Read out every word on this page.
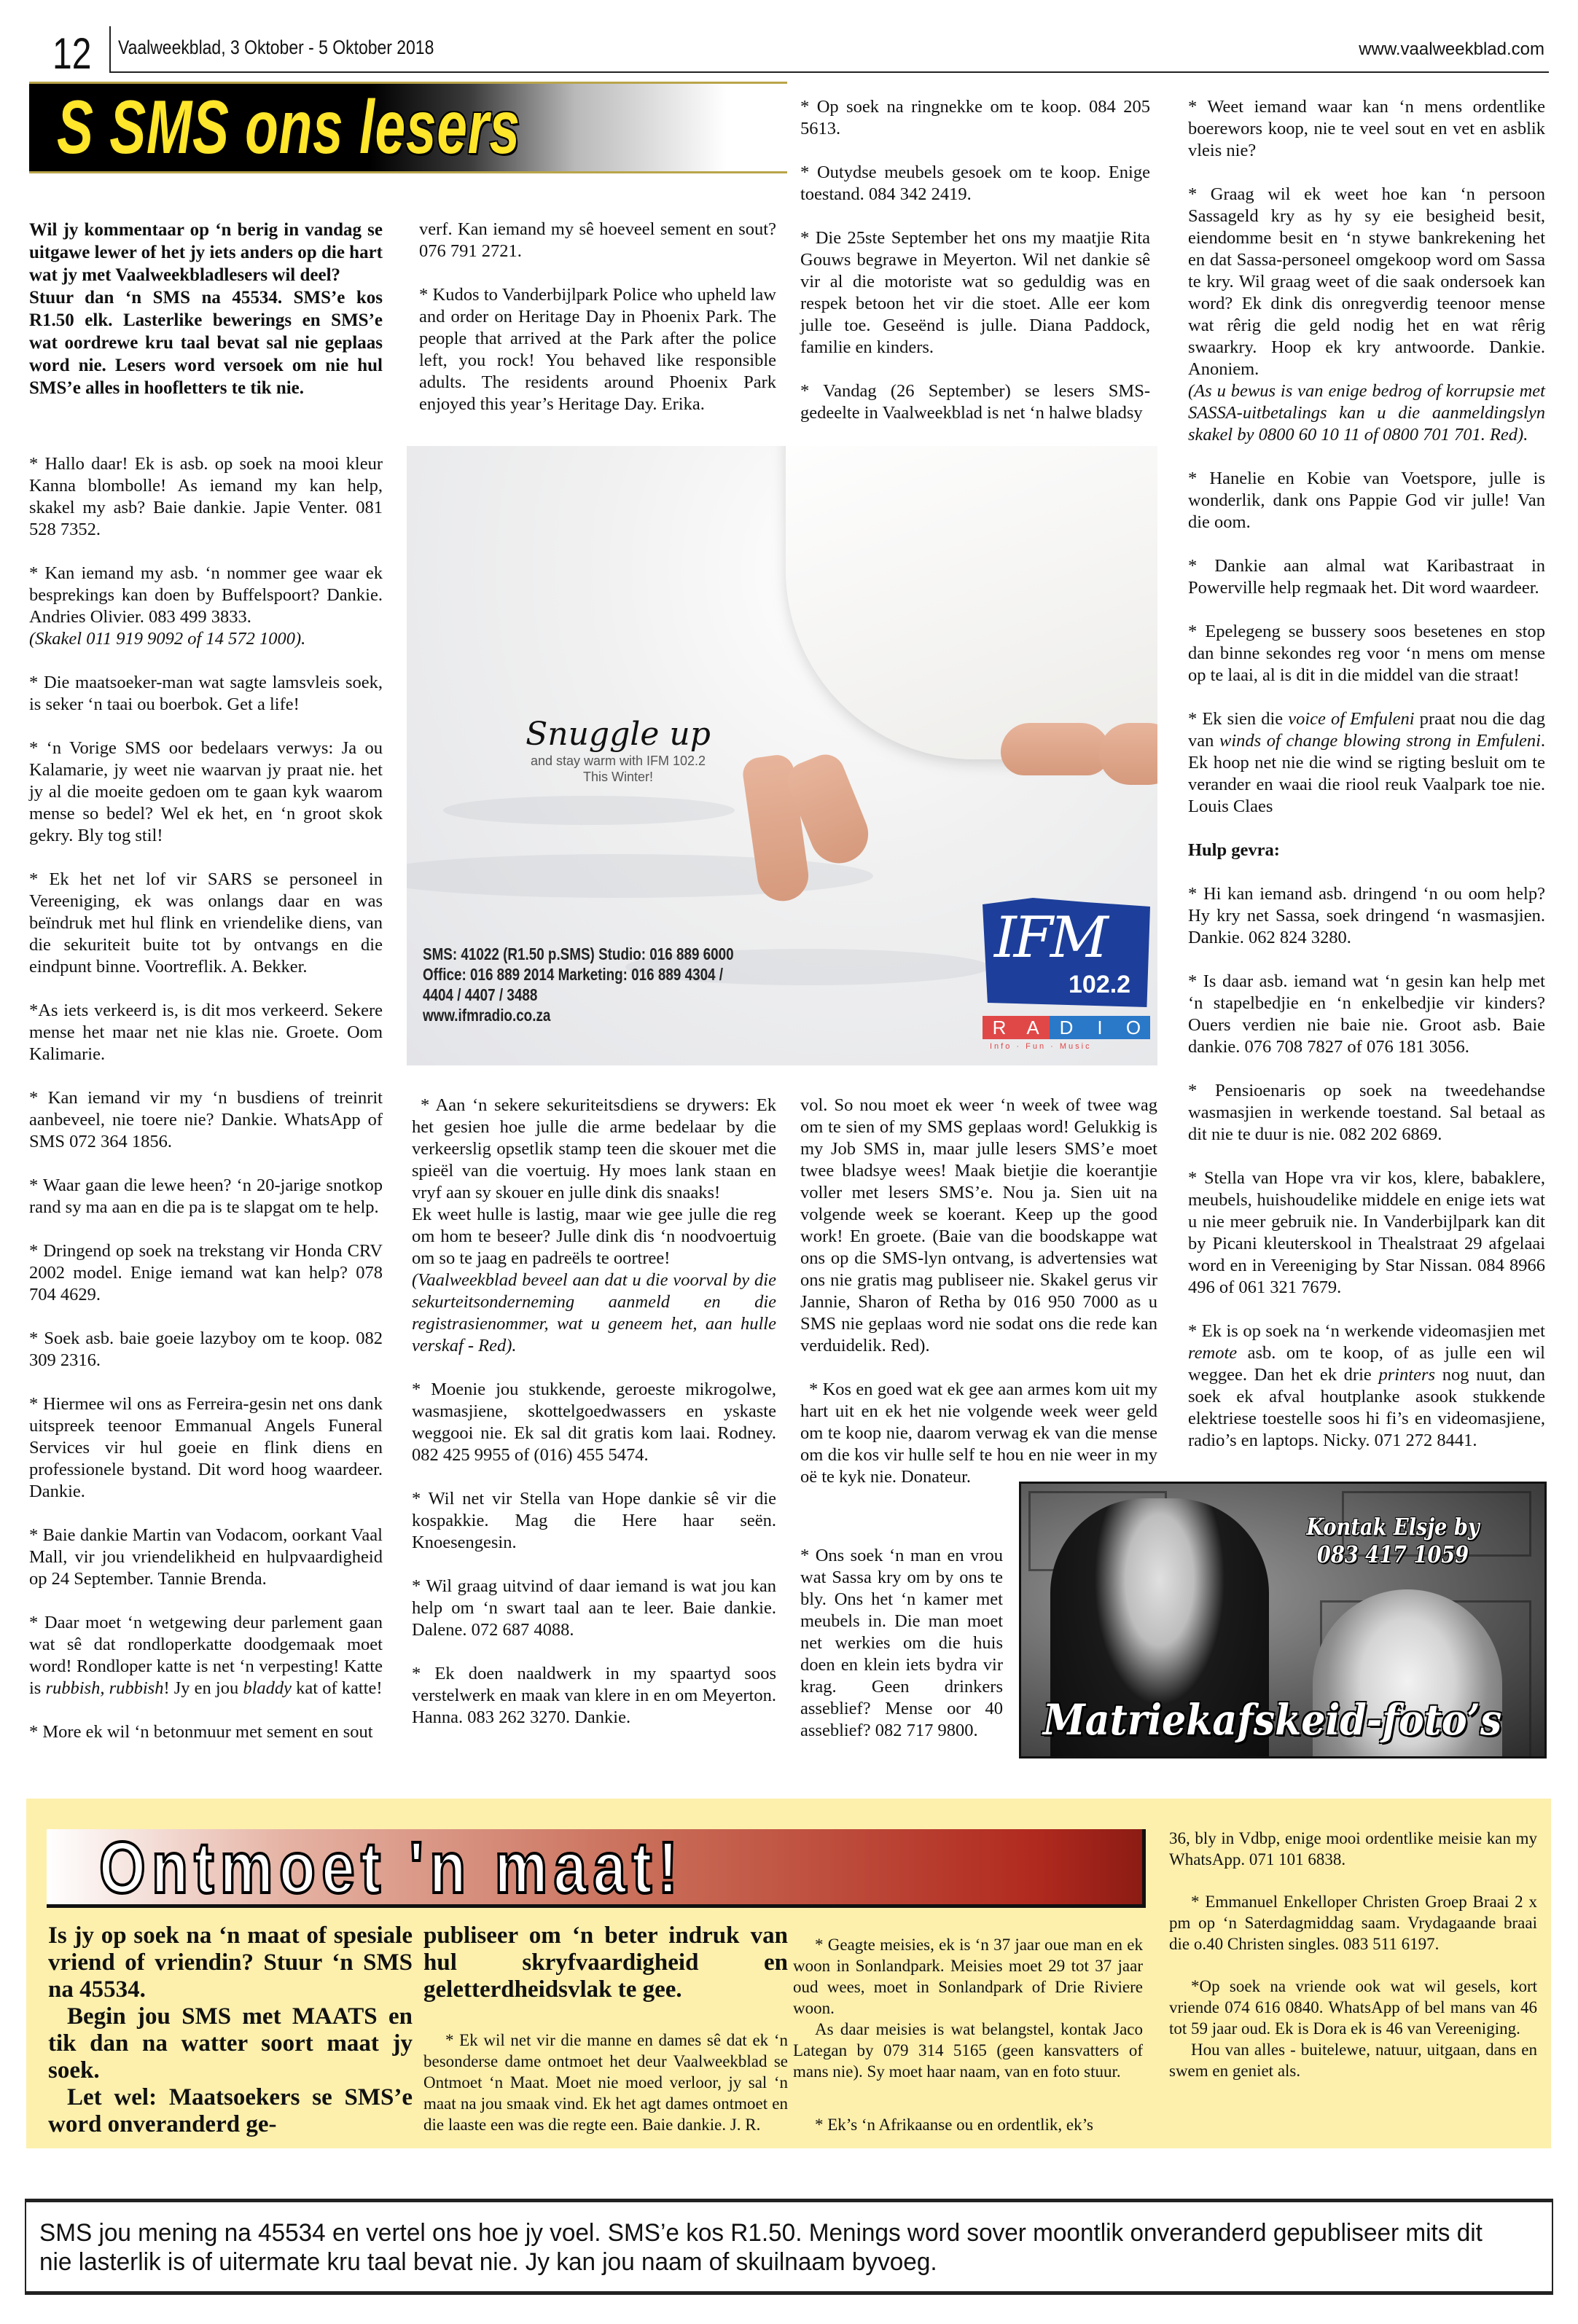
12 Vaalweekblad, 3 Oktober - 5 Oktober 2018	www.vaalweekblad.com
S SMS ons lesers

Wil jy kommentaar op ‘n berig in vandag se uitgawe lewer of het jy iets anders op die hart wat jy met Vaalweekbladlesers wil deel?

Stuur dan ‘n SMS na 45534. SMS’e kos R1.50 elk. Lasterlike bewerings en SMS’e wat oordrewe kru taal bevat sal nie geplaas word nie. Lesers word versoek om nie hul SMS’e alles in hoofletters te tik nie.

* Hallo daar! Ek is asb. op soek na mooi kleur Kanna blombolle! As iemand my kan help, skakel my asb? Baie dankie. Japie Venter. 081 528 7352.

* Kan iemand my asb. ‘n nommer gee waar ek besprekings kan doen by Buffelspoort? Dankie. Andries Olivier. 083 499 3833.

(Skakel 011 919 9092 of 14 572 1000).

* Die maatsoeker-man wat sagte lamsvleis soek, is seker ‘n taai ou boerbok. Get a life!

* ‘n Vorige SMS oor bedelaars verwys: Ja ou Kalamarie, jy weet nie waarvan jy praat nie. het jy al die moeite gedoen om te gaan kyk waarom mense so bedel? Wel ek het, en ‘n groot skok gekry. Bly tog stil!

* Ek het net lof vir SARS se personeel in Vereeniging, ek was onlangs daar en was beïndruk met hul flink en vriendelike diens, van die sekuriteit buite tot by ontvangs en die eindpunt binne. Voortreflik. A. Bekker.

*As iets verkeerd is, is dit mos verkeerd. Sekere mense het maar net nie klas nie. Groete. Oom Kalimarie.

* Kan iemand vir my ‘n busdiens of treinrit aanbeveel, nie toere nie? Dankie. WhatsApp of SMS 072 364 1856.

* Waar gaan die lewe heen? ‘n 20-jarige snotkop rand sy ma aan en die pa is te slapgat om te help.

* Dringend op soek na trekstang vir Honda CRV 2002 model. Enige iemand wat kan help? 078 704 4629.

* Soek asb. baie goeie lazyboy om te koop. 082 309 2316.

* Hiermee wil ons as Ferreira-gesin net ons dank uitspreek teenoor Emmanual Angels Funeral Services vir hul goeie en flink diens en professionele bystand. Dit word hoog waardeer. Dankie.

* Baie dankie Martin van Vodacom, oorkant Vaal Mall, vir jou vriendelikheid en hulpvaardigheid op 24 September. Tannie Brenda.

* Daar moet ‘n wetgewing deur parlement gaan wat sê dat rondloperkatte doodgemaak moet word! Rondloper katte is net ‘n verpesting! Katte is rubbish, rubbish! Jy en jou bladdy kat of katte!

* More ek wil ‘n betonmuur met sement en sout

verf. Kan iemand my sê hoeveel sement en sout? 076 791 2721.

* Kudos to Vanderbijlpark Police who upheld law and order on Heritage Day in Phoenix Park. The people that arrived at the Park after the police left, you rock! You behaved like responsible adults. The residents around Phoenix Park enjoyed this year’s Heritage Day. Erika.

* Op soek na ringnekke om te koop. 084 205 5613.

* Outydse meubels gesoek om te koop. Enige toestand. 084 342 2419.

* Die 25ste September het ons my maatjie Rita Gouws begrawe in Meyerton. Wil net dankie sê vir al die motoriste wat so geduldig was en respek betoon het vir die stoet. Alle eer kom julle toe. Geseënd is julle. Diana Paddock, familie en kinders.

* Vandag (26 September) se lesers SMS-gedeelte in Vaalweekblad is net ‘n halwe bladsy

Snuggle up
and stay warm with IFM 102.2
This Winter!
SMS: 41022 (R1.50 p.SMS) Studio: 016 889 6000
Office: 016 889 2014 Marketing: 016 889 4304 /
4404 / 4407 / 3488
www.ifmradio.co.za
IFM
102.2
R	A	D	I	O
Info · Fun · Music

* Aan ‘n sekere sekuriteitsdiens se drywers: Ek het gesien hoe julle die arme bedelaar by die verkeerslig opsetlik stamp teen die skouer met die spieël van die voertuig. Hy moes lank staan en vryf aan sy skouer en julle dink dis snaaks!

Ek weet hulle is lastig, maar wie gee julle die reg om hom te beseer? Julle dink dis ‘n noodvoertuig om so te jaag en padreëls te oortree!

(Vaalweekblad beveel aan dat u die voorval by die sekurteitsonderneming aanmeld en die registrasienommer, wat u geneem het, aan hulle verskaf - Red).

* Moenie jou stukkende, geroeste mikrogolwe, wasmasjiene, skottelgoedwassers en yskaste weggooi nie. Ek sal dit gratis kom laai. Rodney. 082 425 9955 of (016) 455 5474.

* Wil net vir Stella van Hope dankie sê vir die kospakkie. Mag die Here haar seën. Knoesengesin.

* Wil graag uitvind of daar iemand is wat jou kan help om ‘n swart taal aan te leer. Baie dankie. Dalene. 072 687 4088.

* Ek doen naaldwerk in my spaartyd soos verstelwerk en maak van klere in en om Meyerton. Hanna. 083 262 3270. Dankie.

vol. So nou moet ek weer ‘n week of twee wag om te sien of my SMS geplaas word! Gelukkig is my Job SMS in, maar julle lesers SMS’e moet twee bladsye wees! Maak bietjie die koerantjie voller met lesers SMS’e. Nou ja. Sien uit na volgende week se koerant. Keep up the good work! En groete. (Baie van die boodskappe wat ons op die SMS-lyn ontvang, is advertensies wat ons nie gratis mag publiseer nie. Skakel gerus vir Jannie, Sharon of Retha by 016 950 7000 as u SMS nie geplaas word nie sodat ons die rede kan verduidelik. Red).

* Kos en goed wat ek gee aan armes kom uit my hart uit en ek het nie volgende week weer geld om te koop nie, daarom verwag ek van die mense om die kos vir hulle self te hou en nie weer in my oë te kyk nie. Donateur.

* Ons soek ‘n man en vrou wat Sassa kry om by ons te bly. Ons het ‘n kamer met meubels in. Die man moet net werkies om die huis doen en klein iets bydra vir krag. Geen drinkers asseblief? Mense oor 40 asseblief? 082 717 9800.

* Weet iemand waar kan ‘n mens ordentlike boerewors koop, nie te veel sout en vet en asblik vleis nie?

* Graag wil ek weet hoe kan ‘n persoon Sassageld kry as hy sy eie besigheid besit, eiendomme besit en ‘n stywe bankrekening het en dat Sassa-personeel omgekoop word om Sassa te kry. Wil graag weet of die saak ondersoek kan word? Ek dink dis onregverdig teenoor mense wat rêrig die geld nodig het en wat rêrig swaarkry. Hoop ek kry antwoorde. Dankie. Anoniem.

(As u bewus is van enige bedrog of korrupsie met SASSA-uitbetalings kan u die aanmeldingslyn skakel by 0800 60 10 11 of 0800 701 701. Red).

* Hanelie en Kobie van Voetspore, julle is wonderlik, dank ons Pappie God vir julle! Van die oom.

* Dankie aan almal wat Karibastraat in Powerville help regmaak het. Dit word waardeer.

* Epelegeng se bussery soos besetenes en stop dan binne sekondes reg voor ‘n mens om mense op te laai, al is dit in die middel van die straat!

* Ek sien die voice of Emfuleni praat nou die dag van winds of change blowing strong in Emfuleni. Ek hoop net nie die wind se rigting besluit om te verander en waai die riool reuk Vaalpark toe nie. Louis Claes

Hulp gevra:

* Hi kan iemand asb. dringend ‘n ou oom help? Hy kry net Sassa, soek dringend ‘n wasmasjien. Dankie. 062 824 3280.

* Is daar asb. iemand wat ‘n gesin kan help met ‘n stapelbedjie en ‘n enkelbedjie vir kinders? Ouers verdien nie baie nie. Groot asb. Baie dankie. 076 708 7827 of 076 181 3056.

* Pensioenaris op soek na tweedehandse wasmasjien in werkende toestand. Sal betaal as dit nie te duur is nie. 082 202 6869.

* Stella van Hope vra vir kos, klere, babaklere, meubels, huishoudelike middele en enige iets wat u nie meer gebruik nie. In Vanderbijlpark kan dit by Picani kleuterskool in Thealstraat 29 afgelaai word en in Vereeniging by Star Nissan. 084 8966 496 of 061 321 7679.

* Ek is op soek na ‘n werkende videomasjien met remote asb. om te koop, of as julle een wil weggee. Dan het ek drie printers nog nuut, dan soek ek afval houtplanke asook stukkende elektriese toestelle soos hi fi’s en videomasjiene, radio’s en laptops. Nicky. 071 272 8441.

Kontak Elsje by
083 417 1059
Matriekafskeid-foto’s
Ontmoet 'n maat!

Is jy op soek na ‘n maat of spesiale vriend of vriendin? Stuur ‘n SMS na 45534.

Begin jou SMS met MAATS en tik dan na watter soort maat jy soek.

Let wel: Maatsoekers se SMS’e word onveranderd ge-

publiseer om ‘n beter indruk van hul skryfvaardigheid en geletterdheidsvlak te gee.
* Ek wil net vir die manne en dames sê dat ek ‘n besonderse dame ontmoet het deur Vaalweekblad se Ontmoet ‘n Maat. Moet nie moed verloor, jy sal ‘n maat na jou smaak vind. Ek het agt dames ontmoet en die laaste een was die regte een. Baie dankie. J. R.

* Geagte meisies, ek is ‘n 37 jaar oue man en ek woon in Sonlandpark. Meisies moet 29 tot 37 jaar oud wees, moet in Sonlandpark of Drie Riviere woon.

As daar meisies is wat belangstel, kontak Jaco Lategan by 079 314 5165 (geen kansvatters of mans nie). Sy moet haar naam, van en foto stuur.

* Ek’s ‘n Afrikaanse ou en ordentlik, ek’s

36, bly in Vdbp, enige mooi ordentlike meisie kan my WhatsApp. 071 101 6838.

* Emmanuel Enkelloper Christen Groep Braai 2 x pm op ‘n Saterdagmiddag saam. Vrydagaande braai die o.40 Christen singles. 083 511 6197.

*Op soek na vriende ook wat wil gesels, kort vriende 074 616 0840. WhatsApp of bel mans van 46 tot 59 jaar oud. Ek is Dora ek is 46 van Vereeniging.

Hou van alles - buitelewe, natuur, uitgaan, dans en swem en geniet als.

SMS jou mening na 45534 en vertel ons hoe jy voel. SMS’e kos R1.50. Menings word sover moontlik onveranderd gepubliseer mits dit nie lasterlik is of uitermate kru taal bevat nie. Jy kan jou naam of skuilnaam byvoeg.
